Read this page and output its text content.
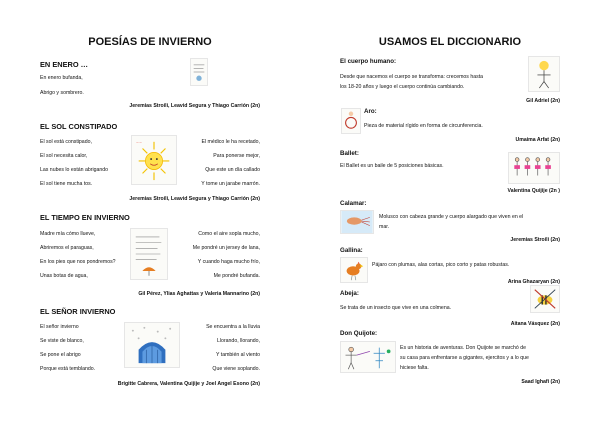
POESÍAS DE INVIERNO
EN ENERO …
En enero bufanda,
Abrigo y sombrero.
Jeremias Stroili, Leavid Segura y Thiago Carrión (2n)
EL SOL CONSTIPADO
El sol está constipado,
El sol necesita calor,
Las nubes lo están abrigando
El sol tiene mucha tos.
El médico le ha recetado,
Para ponerse mejor,
Que este un día callado
Y tome un jarabe marrón.
~~
Jeremias Stroili, Leavid Segura y Thiago Carrión (2n)
EL TIEMPO EN INVIERNO
Madre mía cómo llueve,
Abriremos el paraguas,
En los pies que nos pondremos?
Unas botas de agua,
Como el aire sopla mucho,
Me pondré un jersey de lana,
Y cuando haga mucho frío,
Me pondré bufanda.
Gil Pérez, Ylias Aghattas y Valeria Mannarino (2n)
EL SEÑOR INVIERNO
El señor invierno
Se viste de blanco,
Se pone el abrigo
Porque está temblando.
Se encuentra a la lluvia
Llorando, llorando,
Y también al viento
Que viene soplando.
Brigitte Cabrera, Valentina Quijije y Joel Angel Esono (2n)
USAMOS EL DICCIONARIO
El cuerpo humano:
Desde que nacemos el cuerpo se transforma: crecemos hasta
los 18-20 años y luego el cuerpo continúa cambiando.
Gil Adriel (2n)
Aro:
Pieza de material rígido en forma de circunferencia.
Umaima Arfat (2n)
Ballet:
El Ballet es un baile de 5 posiciones básicas.
Valentina Quijije (2n )
Calamar:
Molusco con cabeza grande y cuerpo alargado que viven en el
mar.
Jeremias Stroili (2n)
Gallina:
Pájaro con plumas, alas cortas, pico corto y patas robustas.
Arina Ghazaryan (2n)
Abeja:
Se trata de un insecto que vive en una colmena.
Aitana Vásquez (2n)
Don Quijote:
Es un historia de aventuras. Don Quijote se marchó de
su casa para enfrentarse a gigantes, ejercitos y a lo que
hiciese falta.
Saad Ighafi (2n)
